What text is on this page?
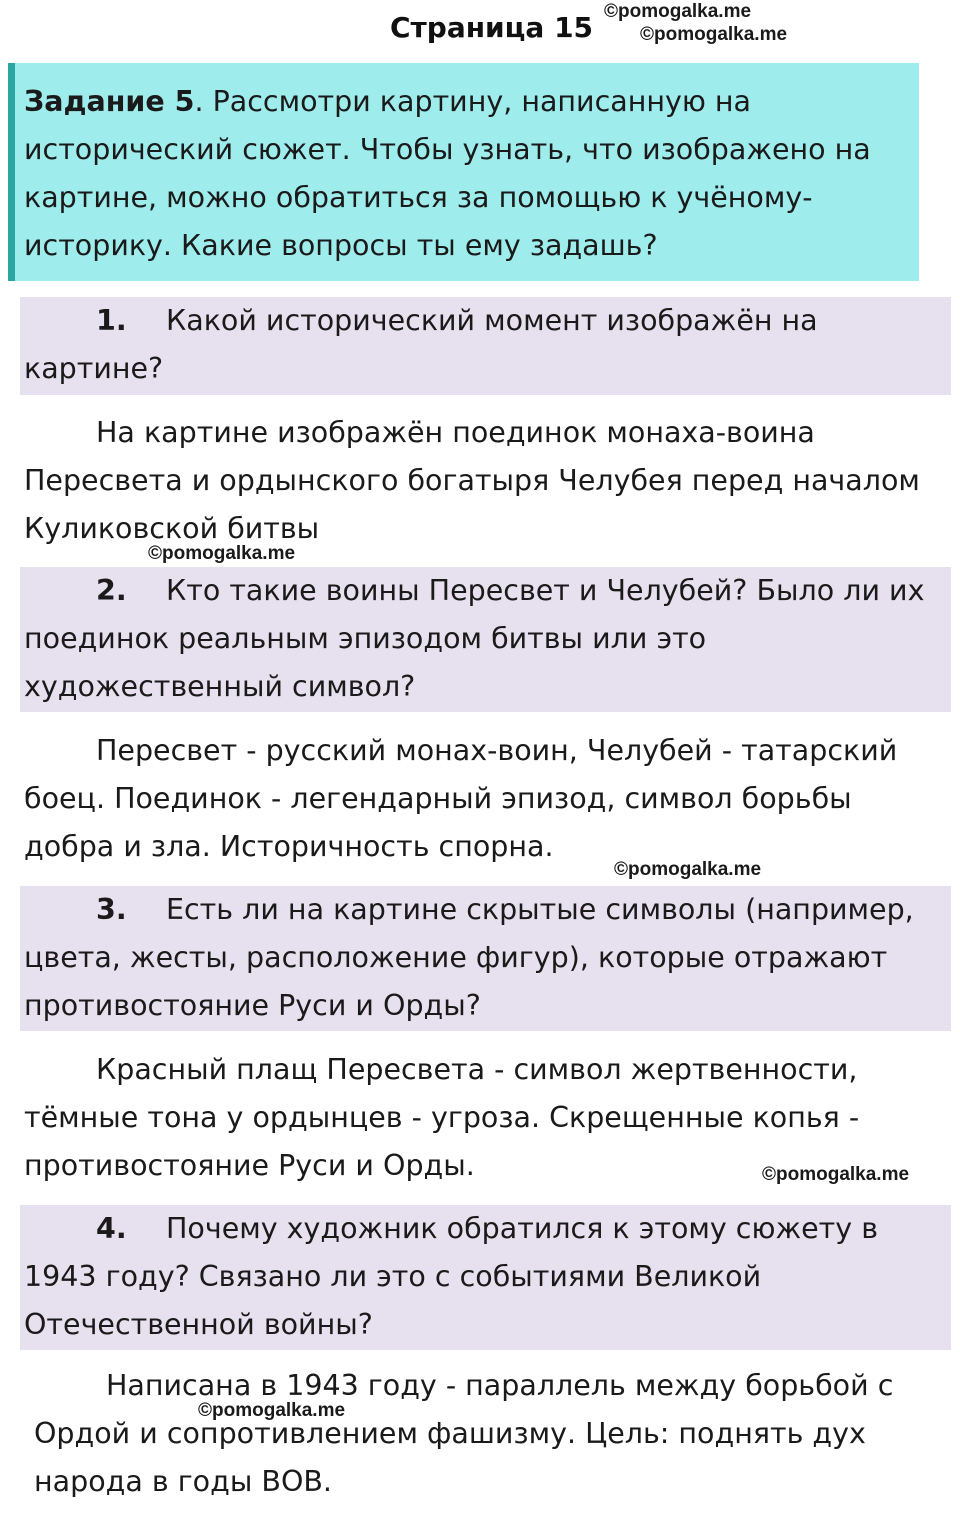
Страница 15 ©pomogalka.me
©pomogalka.me
Задание 5. Рассмотри картину, написанную на исторический сюжет. Чтобы узнать, что изображено на картине, можно обратиться за помощью к учёному-историку. Какие вопросы ты ему задашь?
1. Какой исторический момент изображён на картине?
На картине изображён поединок монаха-воина Пересвета и ордынского богатыря Челубея перед началом Куликовской битвы
©pomogalka.me
2. Кто такие воины Пересвет и Челубей? Было ли их поединок реальным эпизодом битвы или это художественный символ?
Пересвет - русский монах-воин, Челубей - татарский боец. Поединок - легендарный эпизод, символ борьбы добра и зла. Историчность спорна.
©pomogalka.me
3. Есть ли на картине скрытые символы (например, цвета, жесты, расположение фигур), которые отражают противостояние Руси и Орды?
Красный плащ Пересвета - символ жертвенности, тёмные тона у ордынцев - угроза. Скрещенные копья - противостояние Руси и Орды.	©pomogalka.me
4. Почему художник обратился к этому сюжету в 1943 году? Связано ли это с событиями Великой Отечественной войны?
Написана в 1943 году - параллель между борьбой с Ордой и сопротивлением фашизму. Цель: поднять дух народа в годы ВОВ.
©pomogalka.me
